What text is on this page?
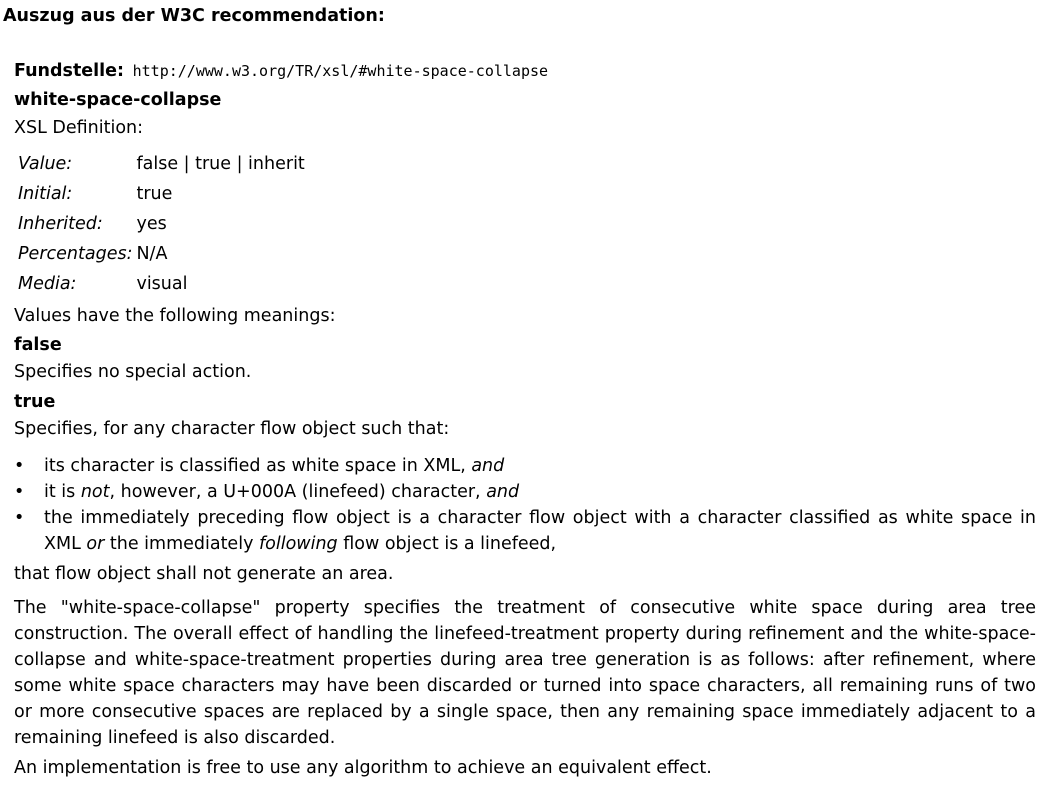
Auszug aus der W3C recommendation:
Fundstelle: http://www.w3.org/TR/xsl/#white-space-collapse
white-space-collapse
XSL Definition:
Value:	false | true | inherit
Initial:	true
Inherited:	yes
Percentages:	N/A
Media:	visual
Values have the following meanings:
false
Specifies no special action.
true
Specifies, for any character flow object such that:
• its character is classified as white space in XML, and
• it is not, however, a U+000A (linefeed) character, and
• the immediately preceding flow object is a character flow object with a character classified as white space in XML or the immediately following flow object is a linefeed,
that flow object shall not generate an area.
The "white-space-collapse" property specifies the treatment of consecutive white space during area tree construction. The overall effect of handling the linefeed-treatment property during refinement and the white-space-collapse and white-space-treatment properties during area tree generation is as follows: after refinement, where some white space characters may have been discarded or turned into space characters, all remaining runs of two or more consecutive spaces are replaced by a single space, then any remaining space immediately adjacent to a remaining linefeed is also discarded.
An implementation is free to use any algorithm to achieve an equivalent effect.
